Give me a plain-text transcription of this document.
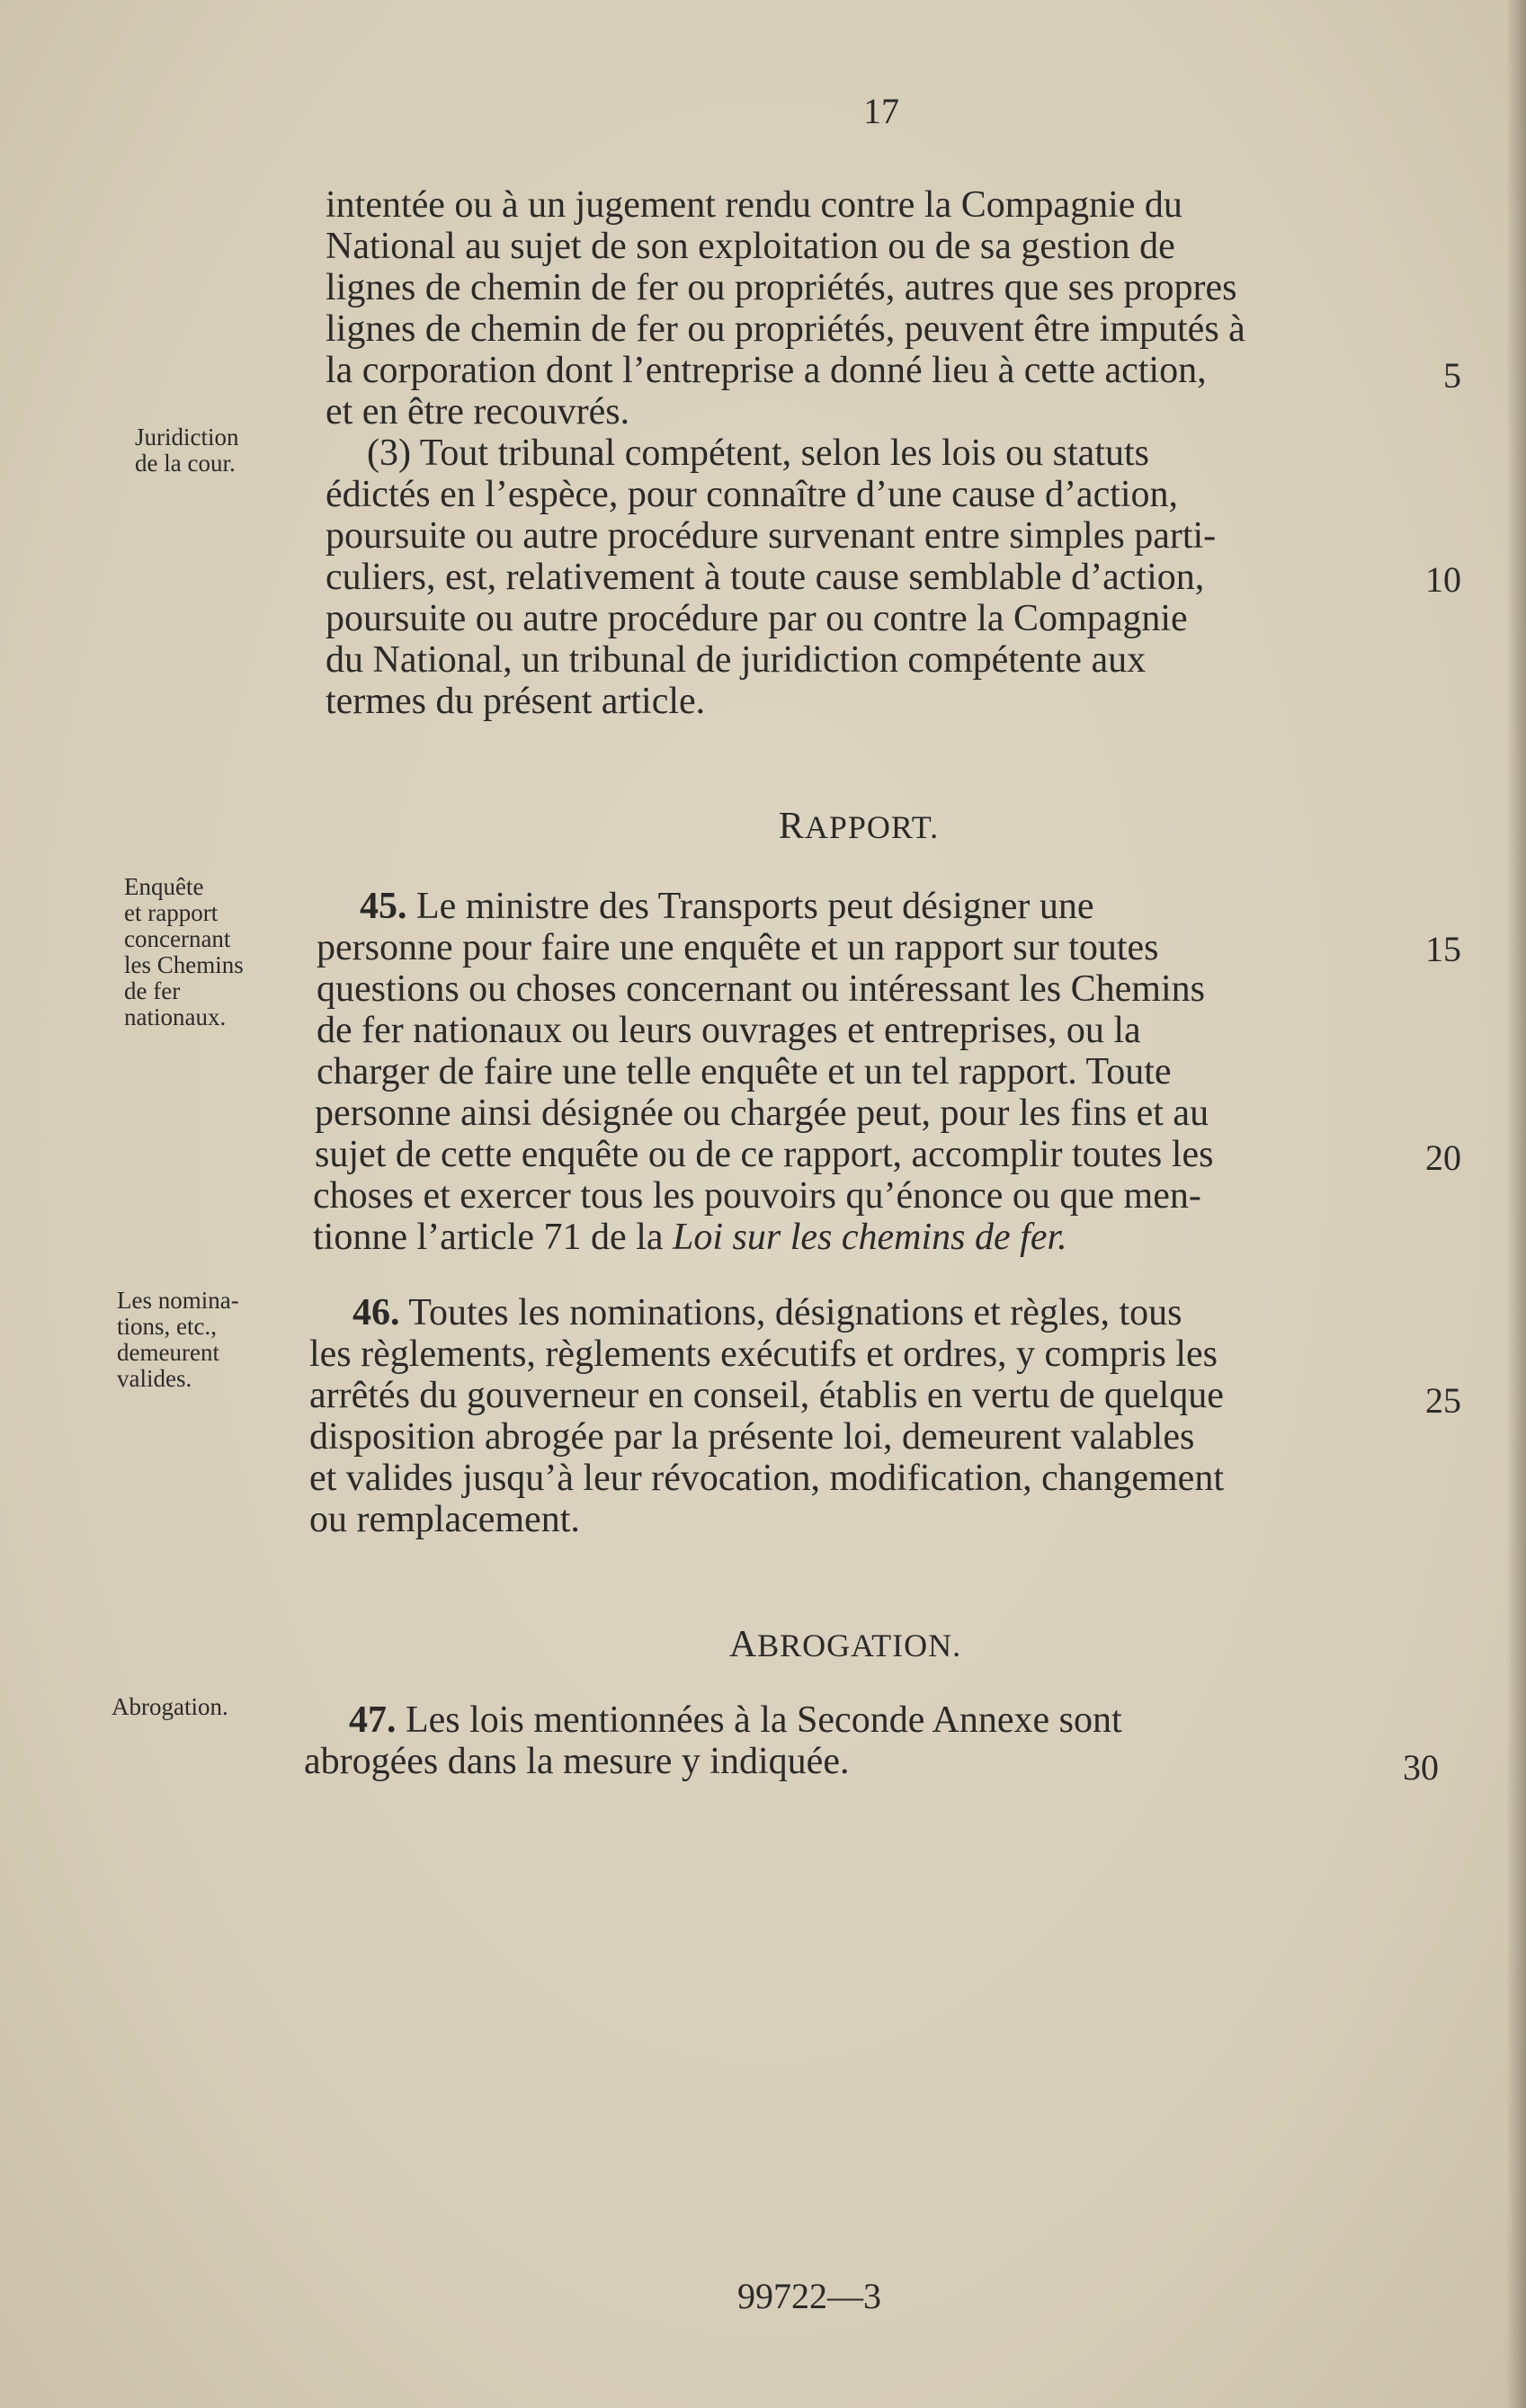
17
Juridiction
de la cour.
Enquête
et rapport
concernant
les Chemins
de fer
nationaux.
Les nomina-
tions, etc.,
demeurent
valides.
Abrogation.
intentée ou à un jugement rendu contre la Compagnie du
National au sujet de son exploitation ou de sa gestion de
lignes de chemin de fer ou propriétés, autres que ses propres
lignes de chemin de fer ou propriétés, peuvent être imputés à
la corporation dont l’entreprise a donné lieu à cette action,
et en être recouvrés.
(3) Tout tribunal compétent, selon les lois ou statuts
édictés en l’espèce, pour connaître d’une cause d’action,
poursuite ou autre procédure survenant entre simples parti-
culiers, est, relativement à toute cause semblable d’action,
poursuite ou autre procédure par ou contre la Compagnie
du National, un tribunal de juridiction compétente aux
termes du présent article.
RAPPORT.
45. Le ministre des Transports peut désigner une
personne pour faire une enquête et un rapport sur toutes
questions ou choses concernant ou intéressant les Chemins
de fer nationaux ou leurs ouvrages et entreprises, ou la
charger de faire une telle enquête et un tel rapport. Toute
personne ainsi désignée ou chargée peut, pour les fins et au
sujet de cette enquête ou de ce rapport, accomplir toutes les
choses et exercer tous les pouvoirs qu’énonce ou que men-
tionne l’article 71 de la Loi sur les chemins de fer.
46. Toutes les nominations, désignations et règles, tous
les règlements, règlements exécutifs et ordres, y compris les
arrêtés du gouverneur en conseil, établis en vertu de quelque
disposition abrogée par la présente loi, demeurent valables
et valides jusqu’à leur révocation, modification, changement
ou remplacement.
ABROGATION.
47. Les lois mentionnées à la Seconde Annexe sont
abrogées dans la mesure y indiquée.
5
10
15
20
25
30
99722—3
